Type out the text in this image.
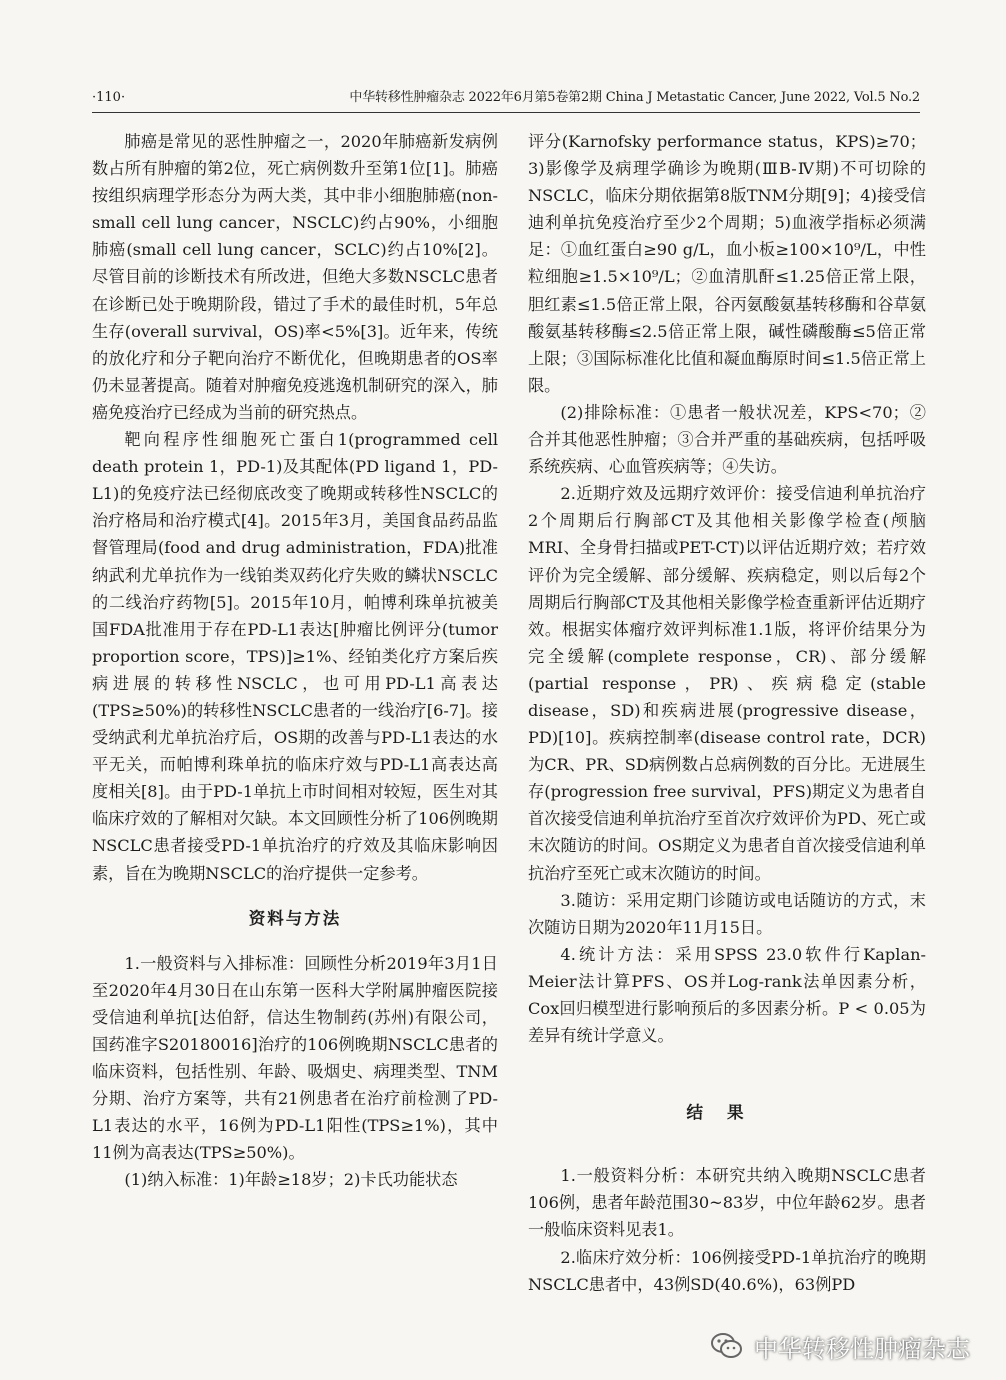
·110·	中华转移性肿瘤杂志 2022年6月第5卷第2期 China J Metastatic Cancer, June 2022, Vol.5 No.2

肺癌是常见的恶性肿瘤之一，2020年肺癌新发病例数占所有肿瘤的第2位，死亡病例数升至第1位[1]。肺癌按组织病理学形态分为两大类，其中非小细胞肺癌(non-small cell lung cancer，NSCLC)约占90%，小细胞肺癌(small cell lung cancer，SCLC)约占10%[2]。尽管目前的诊断技术有所改进，但绝大多数NSCLC患者在诊断已处于晚期阶段，错过了手术的最佳时机，5年总生存(overall survival，OS)率<5%[3]。近年来，传统的放化疗和分子靶向治疗不断优化，但晚期患者的OS率仍未显著提高。随着对肿瘤免疫逃逸机制研究的深入，肺癌免疫治疗已经成为当前的研究热点。

靶向程序性细胞死亡蛋白1(programmed cell death protein 1，PD-1)及其配体(PD ligand 1，PD-L1)的免疫疗法已经彻底改变了晚期或转移性NSCLC的治疗格局和治疗模式[4]。2015年3月，美国食品药品监督管理局(food and drug administration，FDA)批准纳武利尤单抗作为一线铂类双药化疗失败的鳞状NSCLC的二线治疗药物[5]。2015年10月，帕博利珠单抗被美国FDA批准用于存在PD-L1表达[肿瘤比例评分(tumor proportion score，TPS)]≥1%、经铂类化疗方案后疾病进展的转移性NSCLC，也可用PD-L1高表达(TPS≥50%)的转移性NSCLC患者的一线治疗[6-7]。接受纳武利尤单抗治疗后，OS期的改善与PD-L1表达的水平无关，而帕博利珠单抗的临床疗效与PD-L1高表达高度相关[8]。由于PD-1单抗上市时间相对较短，医生对其临床疗效的了解相对欠缺。本文回顾性分析了106例晚期NSCLC患者接受PD-1单抗治疗的疗效及其临床影响因素，旨在为晚期NSCLC的治疗提供一定参考。

资料与方法

1.一般资料与入排标准：回顾性分析2019年3月1日至2020年4月30日在山东第一医科大学附属肿瘤医院接受信迪利单抗[达伯舒，信达生物制药(苏州)有限公司，国药准字S20180016]治疗的106例晚期NSCLC患者的临床资料，包括性别、年龄、吸烟史、病理类型、TNM分期、治疗方案等，共有21例患者在治疗前检测了PD-L1表达的水平，16例为PD-L1阳性(TPS≥1%)，其中11例为高表达(TPS≥50%)。

(1)纳入标准：1)年龄≥18岁；2)卡氏功能状态

评分(Karnofsky performance status，KPS)≥70；3)影像学及病理学确诊为晚期(ⅢB-Ⅳ期)不可切除的NSCLC，临床分期依据第8版TNM分期[9]；4)接受信迪利单抗免疫治疗至少2个周期；5)血液学指标必须满足：①血红蛋白≥90 g/L，血小板≥100×10⁹/L，中性粒细胞≥1.5×10⁹/L；②血清肌酐≤1.25倍正常上限，胆红素≤1.5倍正常上限，谷丙氨酸氨基转移酶和谷草氨酸氨基转移酶≤2.5倍正常上限，碱性磷酸酶≤5倍正常上限；③国际标准化比值和凝血酶原时间≤1.5倍正常上限。

(2)排除标准：①患者一般状况差，KPS<70；②合并其他恶性肿瘤；③合并严重的基础疾病，包括呼吸系统疾病、心血管疾病等；④失访。

2.近期疗效及远期疗效评价：接受信迪利单抗治疗2个周期后行胸部CT及其他相关影像学检查(颅脑MRI、全身骨扫描或PET-CT)以评估近期疗效；若疗效评价为完全缓解、部分缓解、疾病稳定，则以后每2个周期后行胸部CT及其他相关影像学检查重新评估近期疗效。根据实体瘤疗效评判标准1.1版，将评价结果分为完全缓解(complete response，CR)、部分缓解(partial response，PR)、疾病稳定(stable disease，SD)和疾病进展(progressive disease，PD)[10]。疾病控制率(disease control rate，DCR)为CR、PR、SD病例数占总病例数的百分比。无进展生存(progression free survival，PFS)期定义为患者自首次接受信迪利单抗治疗至首次疗效评价为PD、死亡或末次随访的时间。OS期定义为患者自首次接受信迪利单抗治疗至死亡或末次随访的时间。

3.随访：采用定期门诊随访或电话随访的方式，末次随访日期为2020年11月15日。

4.统计方法：采用SPSS 23.0软件行Kaplan-Meier法计算PFS、OS并Log-rank法单因素分析，Cox回归模型进行影响预后的多因素分析。P < 0.05为差异有统计学意义。

结果

1.一般资料分析：本研究共纳入晚期NSCLC患者106例，患者年龄范围30~83岁，中位年龄62岁。患者一般临床资料见表1。

2.临床疗效分析：106例接受PD-1单抗治疗的晚期NSCLC患者中，43例SD(40.6%)，63例PD

中华转移性肿瘤杂志
